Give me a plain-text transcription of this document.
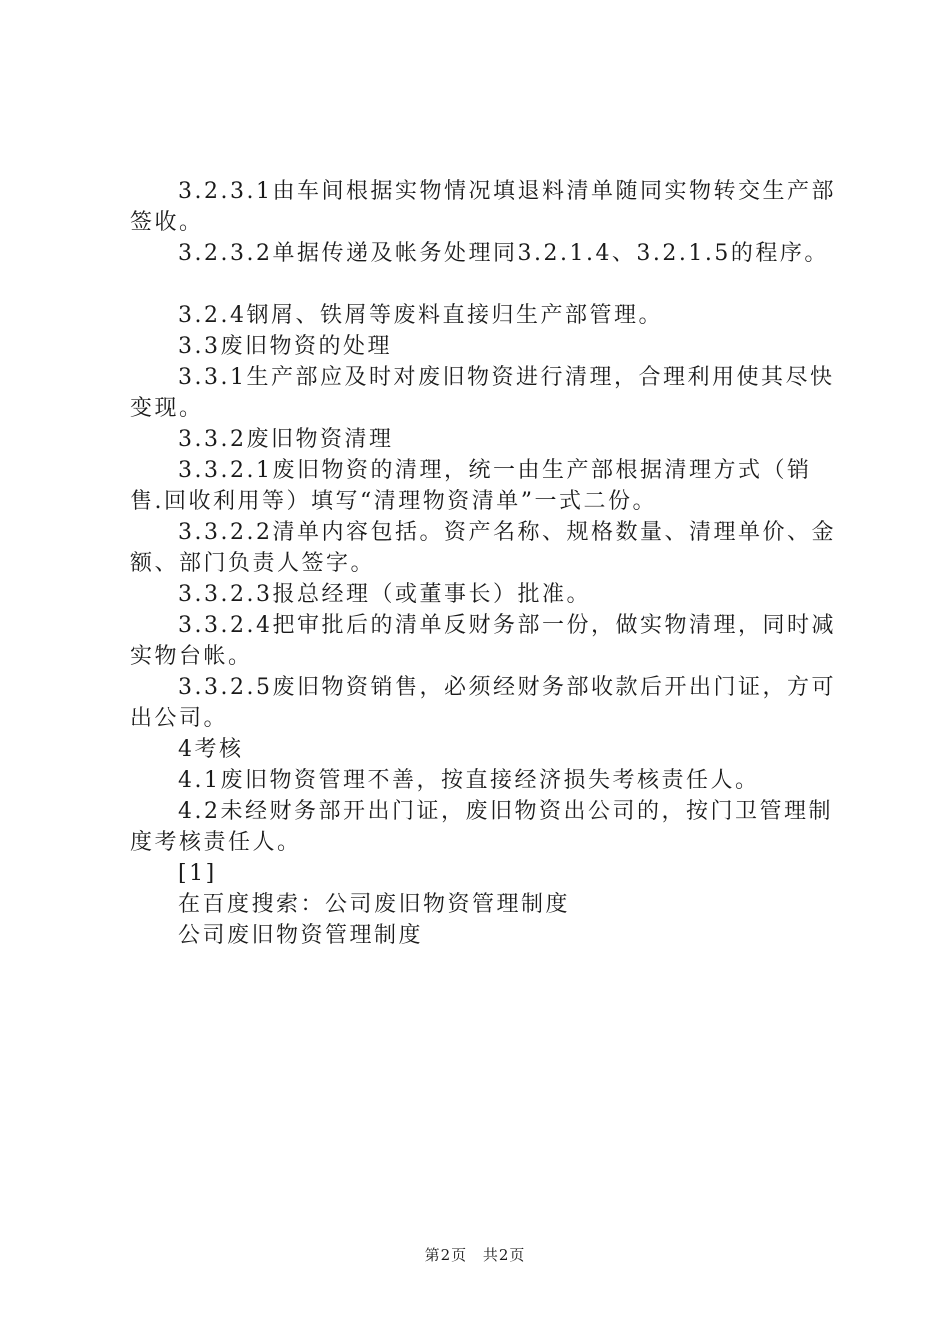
3.2.3.1由车间根据实物情况填退料清单随同实物转交生产部签收。

3.2.3.2单据传递及帐务处理同3.2.1.4、3.2.1.5的程序。

3.2.4钢屑、铁屑等废料直接归生产部管理。

3.3废旧物资的处理

3.3.1生产部应及时对废旧物资进行清理，合理利用使其尽快变现。

3.3.2废旧物资清理

3.3.2.1废旧物资的清理，统一由生产部根据清理方式（销售.回收利用等）填写“清理物资清单”一式二份。

3.3.2.2清单内容包括。资产名称、规格数量、清理单价、金额、部门负责人签字。

3.3.2.3报总经理（或董事长）批准。

3.3.2.4把审批后的清单反财务部一份，做实物清理，同时减实物台帐。

3.3.2.5废旧物资销售，必须经财务部收款后开出门证，方可出公司。

4考核

4.1废旧物资管理不善，按直接经济损失考核责任人。

4.2未经财务部开出门证，废旧物资出公司的，按门卫管理制度考核责任人。

[1]

在百度搜索：公司废旧物资管理制度

公司废旧物资管理制度

第2页 共2页
